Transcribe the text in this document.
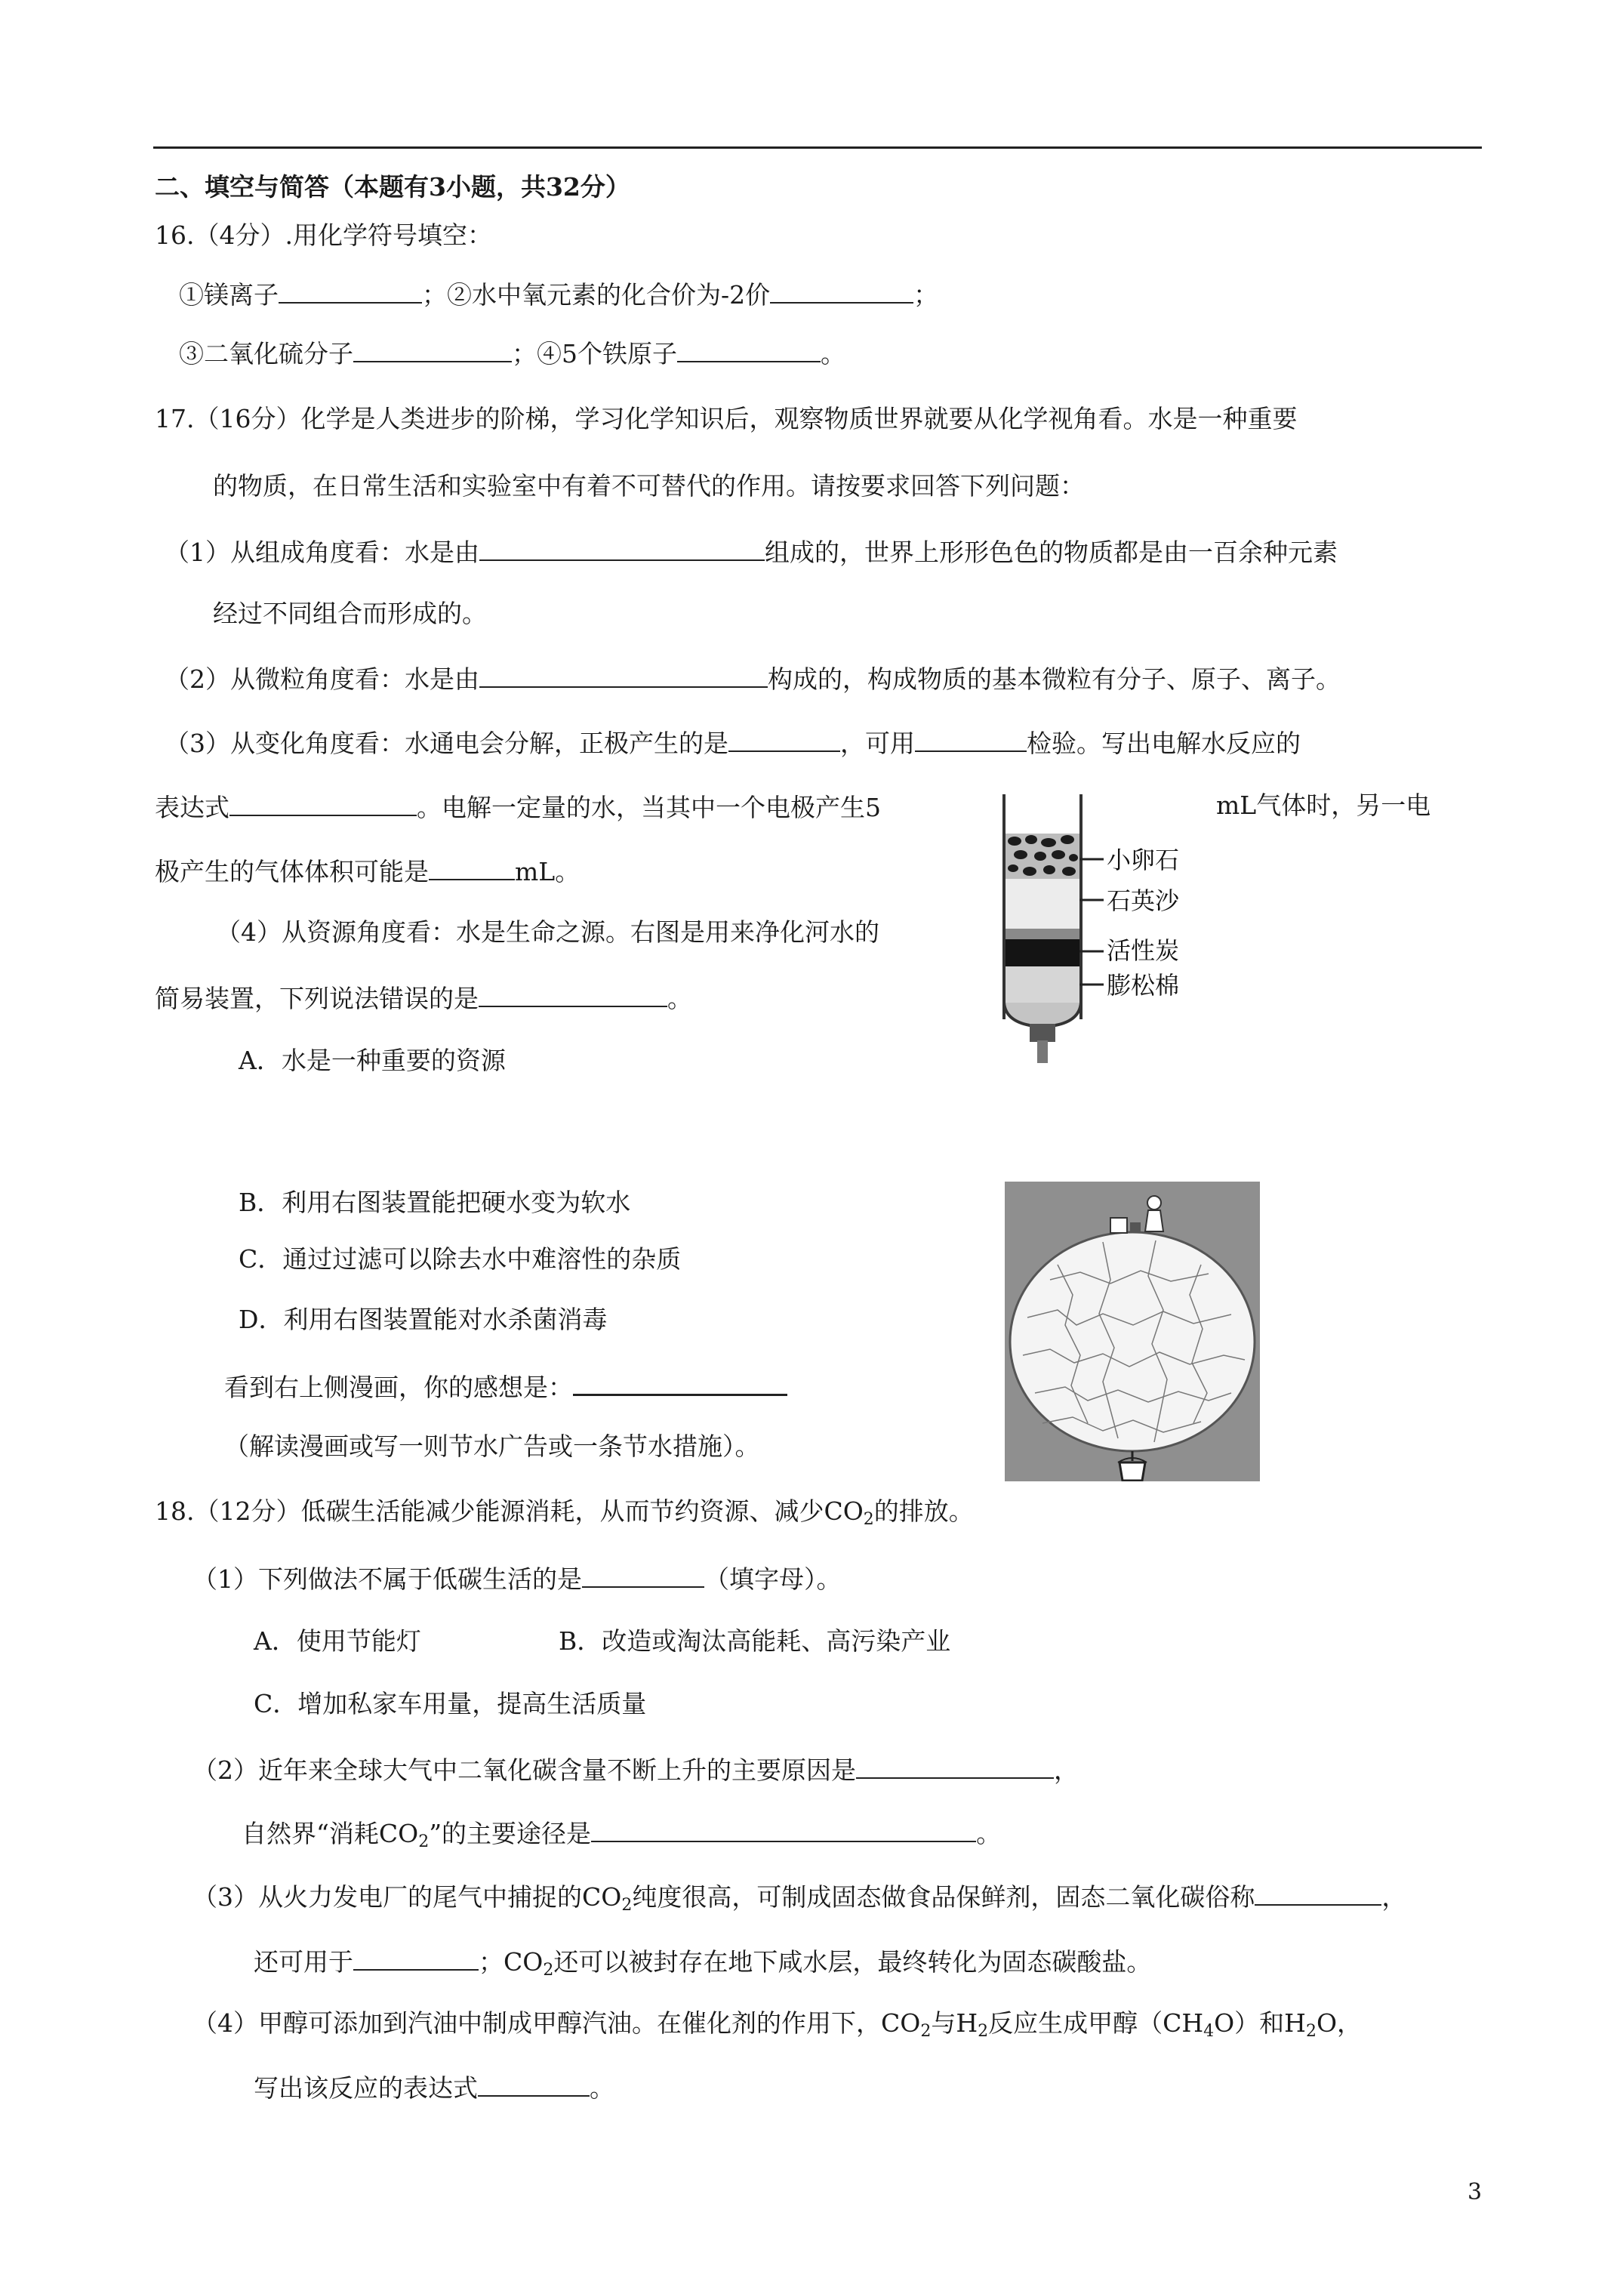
二、填空与简答（本题有3小题，共32分）
16.（4分）.用化学符号填空：
①镁离子	；②水中氧元素的化合价为-2价	；
③二氧化硫分子	；④5个铁原子	。
17.（16分）化学是人类进步的阶梯，学习化学知识后，观察物质世界就要从化学视角看。水是一种重要
的物质，在日常生活和实验室中有着不可替代的作用。请按要求回答下列问题：
（1）从组成角度看：水是由	组成的，世界上形形色色的物质都是由一百余种元素
经过不同组合而形成的。
（2）从微粒角度看：水是由	构成的，构成物质的基本微粒有分子、原子、离子。
（3）从变化角度看：水通电会分解，正极产生的是	，可用	检验。写出电解水反应的
表达式	。电解一定量的水，当其中一个电极产生5	mL气体时，另一电
极产生的气体体积可能是	mL。
（4）从资源角度看：水是生命之源。右图是用来净化河水的
简易装置，下列说法错误的是	。
A．水是一种重要的资源
B．利用右图装置能把硬水变为软水
C．通过过滤可以除去水中难溶性的杂质
D．利用右图装置能对水杀菌消毒
看到右上侧漫画，你的感想是：
（解读漫画或写一则节水广告或一条节水措施）。
小卵石
石英沙
活性炭
膨松棉
18.（12分）低碳生活能减少能源消耗，从而节约资源、减少$CO_2$的排放。
（1）下列做法不属于低碳生活的是	（填字母）。
A．使用节能灯	B．改造或淘汰高能耗、高污染产业
C．增加私家车用量，提高生活质量
（2）近年来全球大气中二氧化碳含量不断上升的主要原因是	，
自然界“消耗$CO_2$”的主要途径是	。
（3）从火力发电厂的尾气中捕捉的$CO_2$纯度很高，可制成固态做食品保鲜剂，固态二氧化碳俗称	，
还可用于	；$CO_2$还可以被封存在地下咸水层，最终转化为固态碳酸盐。
（4）甲醇可添加到汽油中制成甲醇汽油。在催化剂的作用下，$CO_2$与$H_2$反应生成甲醇$(CH_4O)$和$H_2O$，
写出该反应的表达式	。
3
